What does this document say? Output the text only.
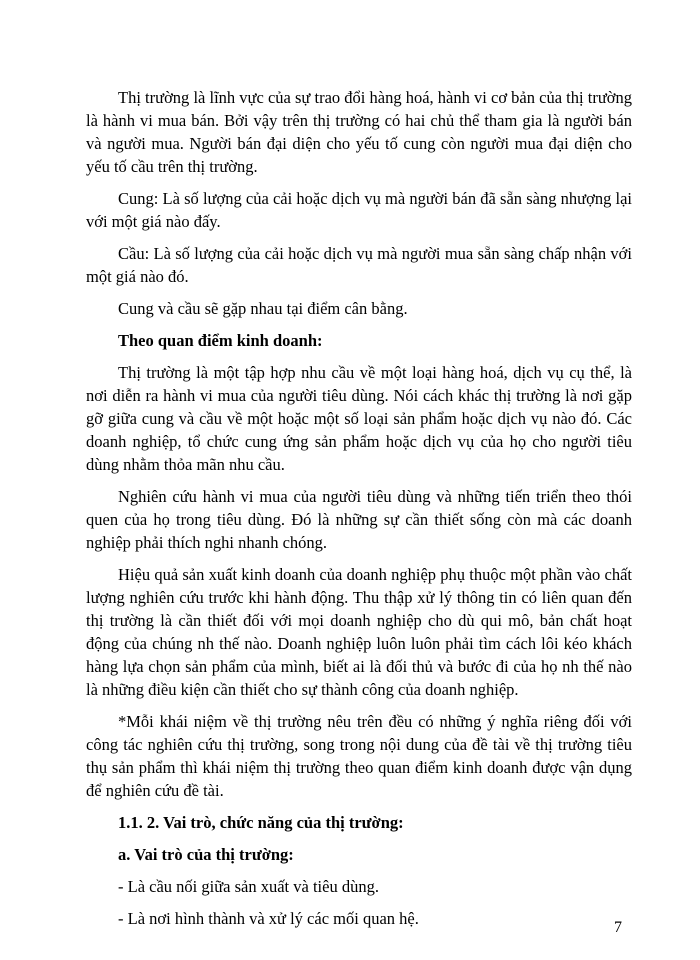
Thị trường là lĩnh vực của sự trao đổi hàng hoá, hành vi cơ bản của thị trường là hành vi mua bán. Bởi vậy trên thị trường có hai chủ thể tham gia là người bán và người mua. Người bán đại diện cho yếu tố cung còn người mua đại diện cho yếu tố cầu trên thị trường.

Cung: Là số lượng của cải hoặc dịch vụ mà người bán đã sẵn sàng nhượng lại với một giá nào đấy.

Cầu: Là số lượng của cải hoặc dịch vụ mà người mua sẵn sàng chấp nhận với một giá nào đó.

Cung và cầu sẽ gặp nhau tại điểm cân bằng.

Theo quan điểm kinh doanh:

Thị trường là một tập hợp nhu cầu về một loại hàng hoá, dịch vụ cụ thể, là nơi diễn ra hành vi mua của người tiêu dùng. Nói cách khác thị trường là nơi gặp gỡ giữa cung và cầu về một hoặc một số loại sản phẩm hoặc dịch vụ nào đó. Các doanh nghiệp, tổ chức cung ứng sản phẩm hoặc dịch vụ của họ cho người tiêu dùng nhằm thỏa mãn nhu cầu.

Nghiên cứu hành vi mua của người tiêu dùng và những tiến triển theo thói quen của họ trong tiêu dùng. Đó là những sự cần thiết sống còn mà các doanh nghiệp phải thích nghi nhanh chóng.

Hiệu quả sản xuất kinh doanh của doanh nghiệp phụ thuộc một phần vào chất lượng nghiên cứu trước khi hành động. Thu thập xử lý thông tin có liên quan đến thị trường là cần thiết đối với mọi doanh nghiệp cho dù qui mô, bản chất hoạt động của chúng nh thế nào. Doanh nghiệp luôn luôn phải tìm cách lôi kéo khách hàng lựa chọn sản phẩm của mình, biết ai là đối thủ và bước đi của họ nh thế nào là những điều kiện cần thiết cho sự thành công của doanh nghiệp.

*Mỗi khái niệm về thị trường nêu trên đều có những ý nghĩa riêng đối với công tác nghiên cứu thị trường, song trong nội dung của đề tài về thị trường tiêu thụ sản phẩm thì khái niệm thị trường theo quan điểm kinh doanh được vận dụng để nghiên cứu đề tài.

1.1. 2. Vai trò, chức năng của thị trường:

a. Vai trò của thị trường:

- Là cầu nối giữa sản xuất và tiêu dùng.

- Là nơi hình thành và xử lý các mối quan hệ.	7
